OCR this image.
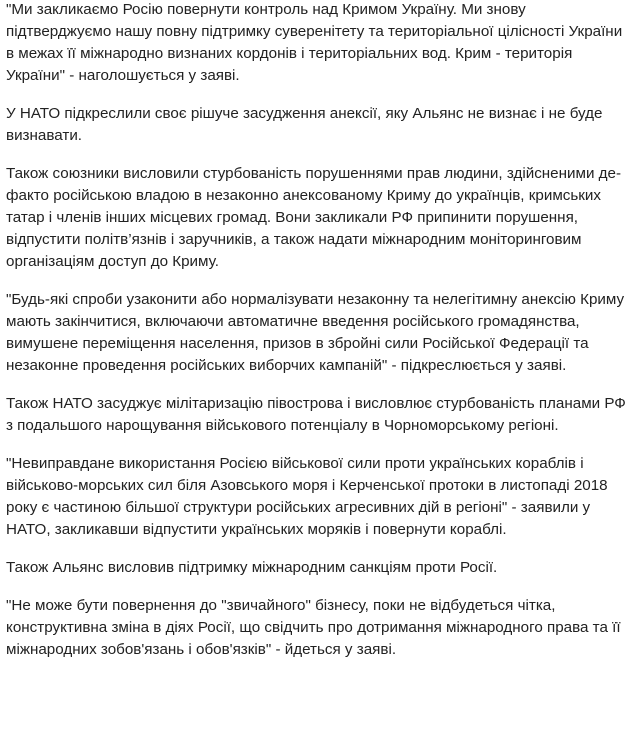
"Ми закликаємо Росію повернути контроль над Кримом Україну. Ми знову підтверджуємо нашу повну підтримку суверенітету та територіальної цілісності України в межах її міжнародно визнаних кордонів і територіальних вод. Крим - територія України" - наголошується у заяві.

У НАТО підкреслили своє рішуче засудження анексії, яку Альянс не визнає і не буде визнавати.

Також союзники висловили стурбованість порушеннями прав людини, здійсненими де-факто російською владою в незаконно анексованому Криму до українців, кримських татар і членів інших місцевих громад. Вони закликали РФ припинити порушення, відпустити політв’язнів і заручників, а також надати міжнародним моніторинговим організаціям доступ до Криму.

"Будь-які спроби узаконити або нормалізувати незаконну та нелегітимну анексію Криму мають закінчитися, включаючи автоматичне введення російського громадянства, вимушене переміщення населення, призов в збройні сили Російської Федерації та незаконне проведення російських виборчих кампаній" - підкреслюється у заяві.

Також НАТО засуджує мілітаризацію півострова і висловлює стурбованість планами РФ з подальшого нарощування військового потенціалу в Чорноморському регіоні.

"Невиправдане використання Росією військової сили проти українських кораблів і військово-морських сил біля Азовського моря і Керченської протоки в листопаді 2018 року є частиною більшої структури російських агресивних дій в регіоні" - заявили у НАТО, закликавши відпустити українських моряків і повернути кораблі.

Також Альянс висловив підтримку міжнародним санкціям проти Росії.

"Не може бути повернення до "звичайного" бізнесу, поки не відбудеться чітка, конструктивна зміна в діях Росії, що свідчить про дотримання міжнародного права та її міжнародних зобов'язань і обов'язків" - йдеться у заяві.
